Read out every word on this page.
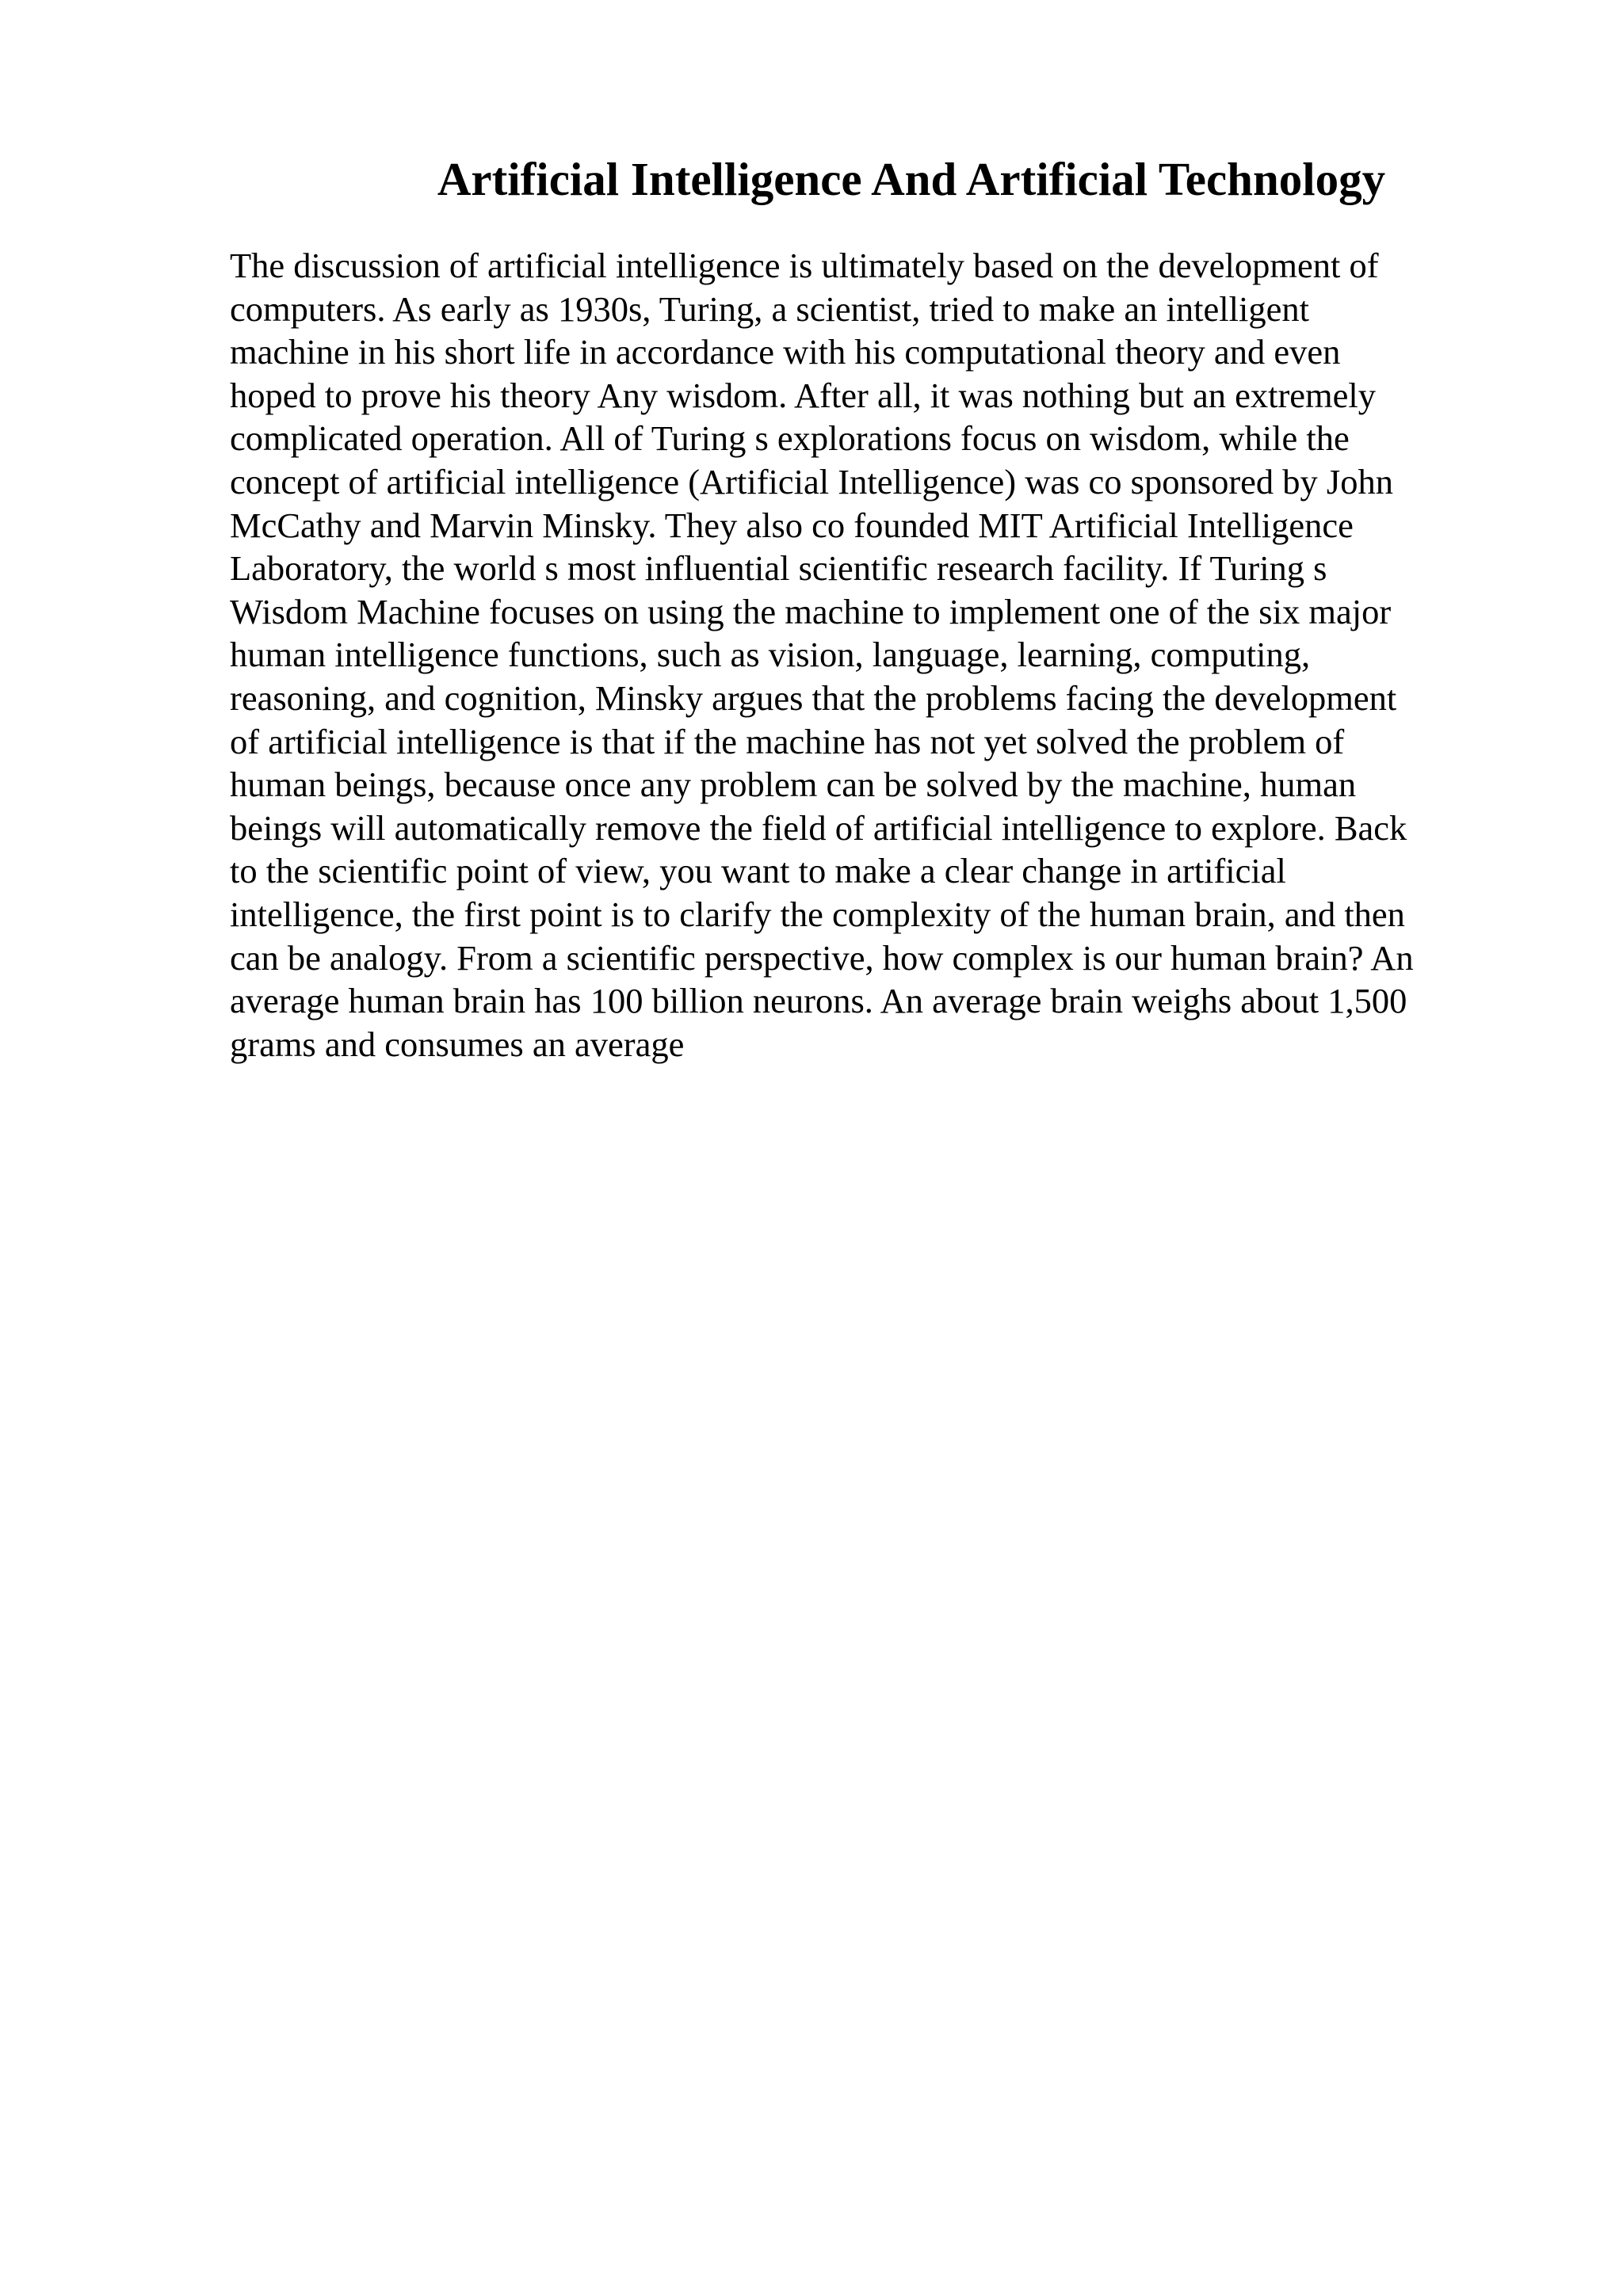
Artificial Intelligence And Artificial Technology
The discussion of artificial intelligence is ultimately based on the development of
computers. As early as 1930s, Turing, a scientist, tried to make an intelligent
machine in his short life in accordance with his computational theory and even
hoped to prove his theory Any wisdom. After all, it was nothing but an extremely
complicated operation. All of Turing s explorations focus on wisdom, while the
concept of artificial intelligence (Artificial Intelligence) was co sponsored by John
McCathy and Marvin Minsky. They also co founded MIT Artificial Intelligence
Laboratory, the world s most influential scientific research facility. If Turing s
Wisdom Machine focuses on using the machine to implement one of the six major
human intelligence functions, such as vision, language, learning, computing,
reasoning, and cognition, Minsky argues that the problems facing the development
of artificial intelligence is that if the machine has not yet solved the problem of
human beings, because once any problem can be solved by the machine, human
beings will automatically remove the field of artificial intelligence to explore. Back
to the scientific point of view, you want to make a clear change in artificial
intelligence, the first point is to clarify the complexity of the human brain, and then
can be analogy. From a scientific perspective, how complex is our human brain? An
average human brain has 100 billion neurons. An average brain weighs about 1,500
grams and consumes an average
